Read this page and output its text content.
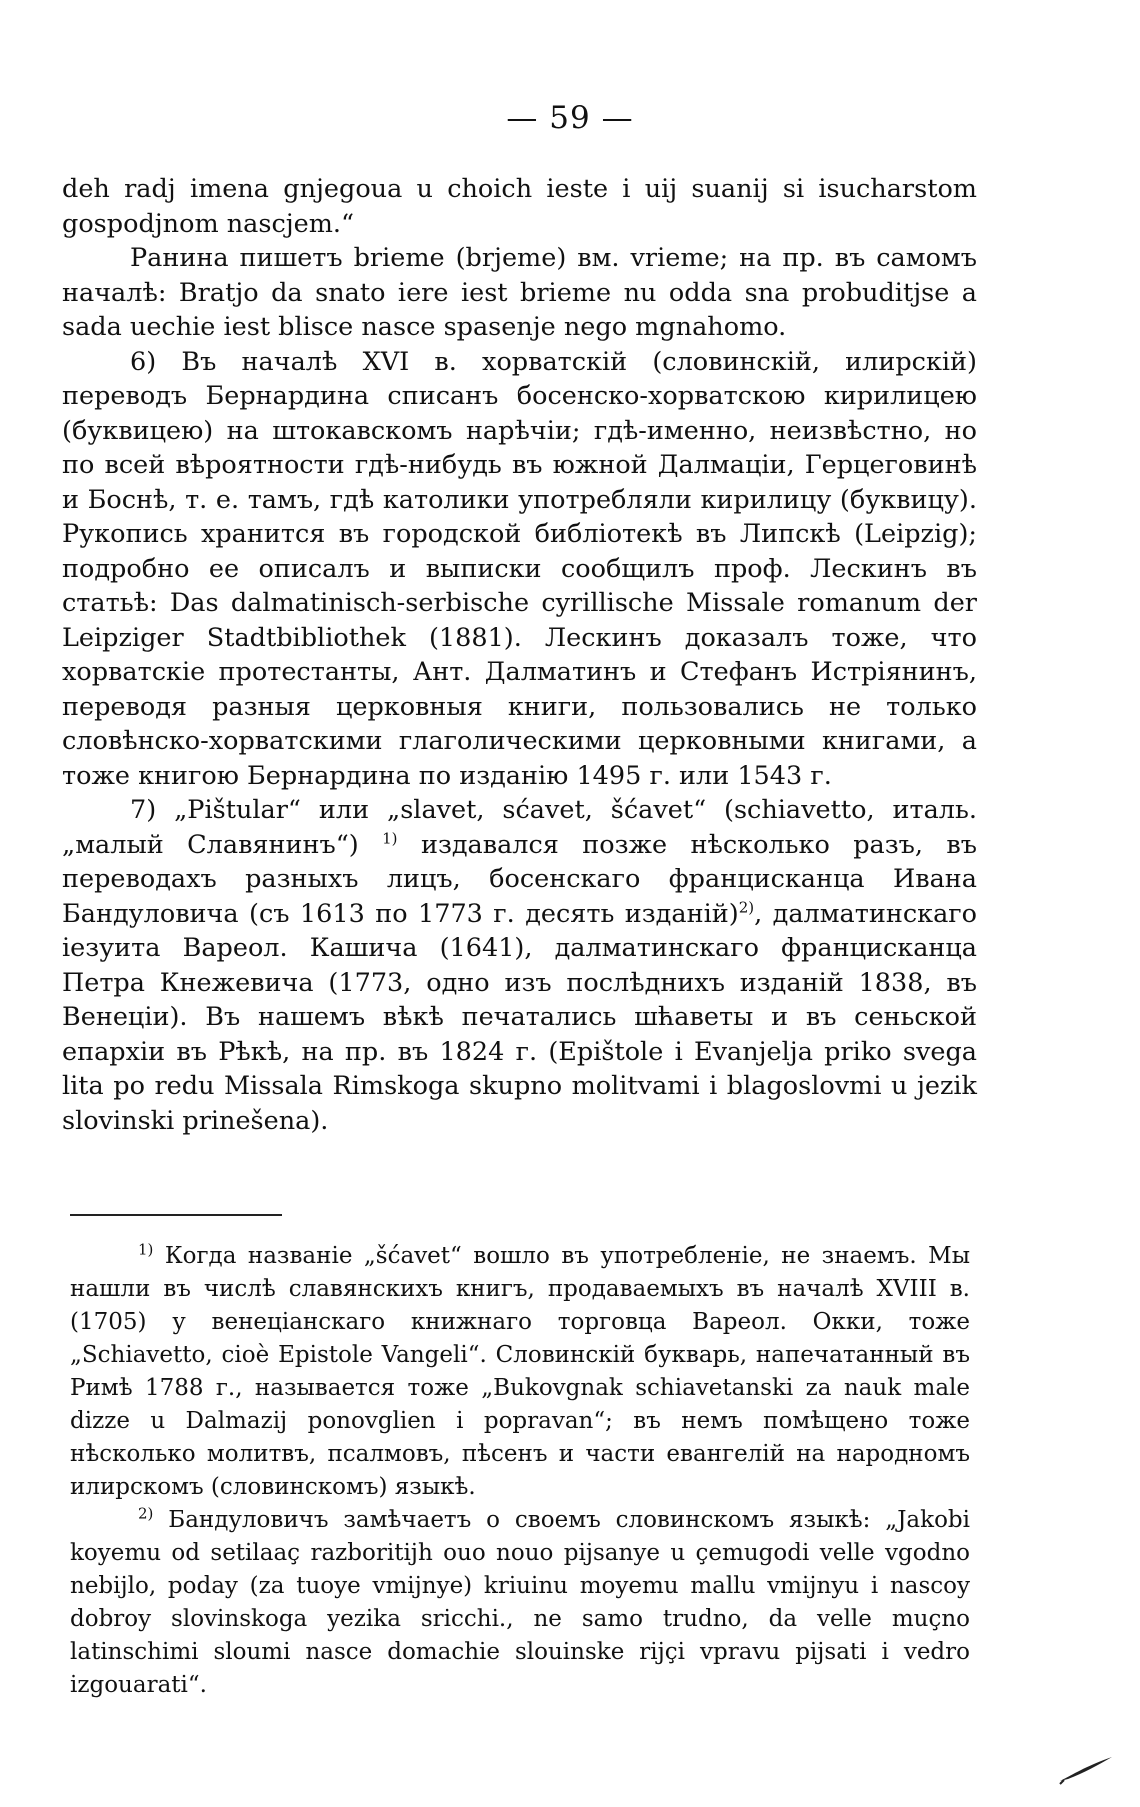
— 59 —

deh radj imena gnjegoua u choich ieste i uij suanij si isucharstom gospodjnom nascjem.“

Ранина пишетъ brieme (brjeme) вм. vrieme; на пр. въ самомъ началѣ: Bratjo da snato iere iest brieme nu odda sna probuditjse a sada uechie iest blisce nasce spasenje nego mgnahomo.

6) Въ началѣ XVI в. хорватскій (словинскій, илирскій) переводъ Бернардина списанъ босенско-хорватскою кирилицею (буквицею) на штокавскомъ нарѣчіи; гдѣ-именно, неизвѣстно, но по всей вѣроятности гдѣ-нибудь въ южной Далмаціи, Герцеговинѣ и Боснѣ, т. е. тамъ, гдѣ католики употребляли кирилицу (буквицу). Рукопись хранится въ городской библіотекѣ въ Липскѣ (Leipzig); подробно ее описалъ и выписки сообщилъ проф. Лескинъ въ статьѣ: Das dalmatinisch-serbische cyrillische Missale romanum der Leipziger Stadtbibliothek (1881). Лескинъ доказалъ тоже, что хорватскіе протестанты, Ант. Далматинъ и Стефанъ Истріянинъ, переводя разныя церковныя книги, пользовались не только словѣнско-хорватскими глаголическими церковными книгами, а тоже книгою Бернардина по изданію 1495 г. или 1543 г.

7) „Pištular“ или „slavet, sćavet, šćavet“ (schiavetto, италь. „малый Славянинъ“) $^{1)}$ издавался позже нѣсколько разъ, въ переводахъ разныхъ лицъ, босенскаго францисканца Ивана Бандуловича (съ 1613 по 1773 г. десять изданій)$^{2)}$, далматинскаго іезуита Вареол. Кашича (1641), далматинскаго францисканца Петра Кнежевича (1773, одно изъ послѣднихъ изданій 1838, въ Венеціи). Въ нашемъ вѣкѣ печатались шћаветы и въ сеньской епархіи въ Рѣкѣ, на пр. въ 1824 г. (Epištole i Evanjelja priko svega lita po redu Missala Rimskoga skupno molitvami i blagoslovmi u jezik slovinski prinešena).

$^{1)}$ Когда названіе „šćavet“ вошло въ употребленіе, не знаемъ. Мы нашли въ числѣ славянскихъ книгъ, продаваемыхъ въ началѣ XVIII в. (1705) у венеціанскаго книжнаго торговца Вареол. Окки, тоже „Schiavetto, cioè Epistole Vangeli“. Словинскій букварь, напечатанный въ Римѣ 1788 г., называется тоже „Bukovgnak schiavetanski za nauk male dizze u Dalmazij ponovglien i popravan“; въ немъ помѣщено тоже нѣсколько молитвъ, псалмовъ, пѣсенъ и части евангелій на народномъ илирскомъ (словинскомъ) языкѣ.

$^{2)}$ Бандуловичъ замѣчаетъ о своемъ словинскомъ языкѣ: „Jakobi koyemu od setilaaç razboritijh ouo nouo pijsanye u çemugodi velle vgodno nebijlo, poday (za tuoye vmijnye) kriuinu moyemu mallu vmijnyu i nascoy dobroy slovinskoga yezika sricchi., ne samo trudno, da velle muçno latinschimi sloumi nasce domachie slouinske rijçi vpravu pijsati i vedro izgouarati“.
